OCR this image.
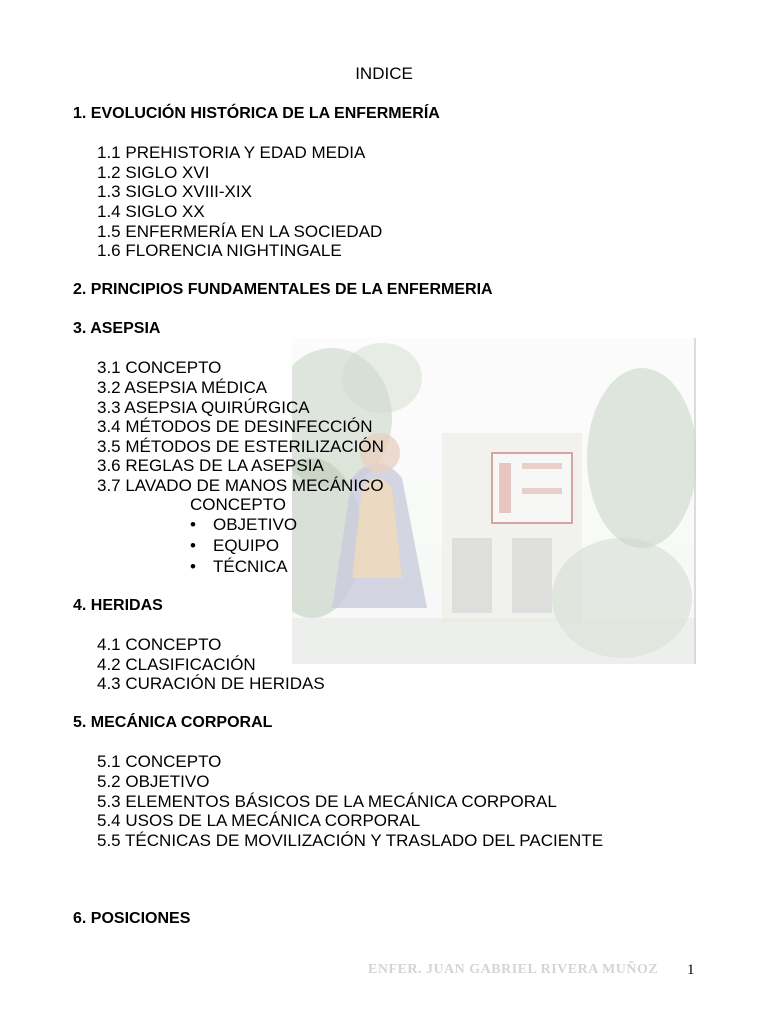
INDICE
1. EVOLUCIÓN HISTÓRICA DE LA ENFERMERÍA
1.1 PREHISTORIA Y EDAD MEDIA
1.2 SIGLO XVI
1.3 SIGLO XVIII-XIX
1.4 SIGLO XX
1.5 ENFERMERÍA EN LA SOCIEDAD
1.6 FLORENCIA NIGHTINGALE
2. PRINCIPIOS FUNDAMENTALES DE LA ENFERMERIA
3. ASEPSIA
3.1 CONCEPTO
3.2 ASEPSIA MÉDICA
3.3 ASEPSIA QUIRÚRGICA
3.4 MÉTODOS DE DESINFECCIÓN
3.5 MÉTODOS DE ESTERILIZACIÓN
3.6 REGLAS DE LA ASEPSIA
3.7 LAVADO DE MANOS MECÁNICO
CONCEPTO
• OBJETIVO
• EQUIPO
• TÉCNICA
4. HERIDAS
4.1 CONCEPTO
4.2 CLASIFICACIÓN
4.3 CURACIÓN DE HERIDAS
5. MECÁNICA CORPORAL
5.1 CONCEPTO
5.2 OBJETIVO
5.3 ELEMENTOS BÁSICOS DE LA MECÁNICA CORPORAL
5.4 USOS DE LA MECÁNICA CORPORAL
5.5 TÉCNICAS DE MOVILIZACIÓN Y TRASLADO DEL PACIENTE
6. POSICIONES
ENFER. JUAN GABRIEL RIVERA MUÑOZ 1
